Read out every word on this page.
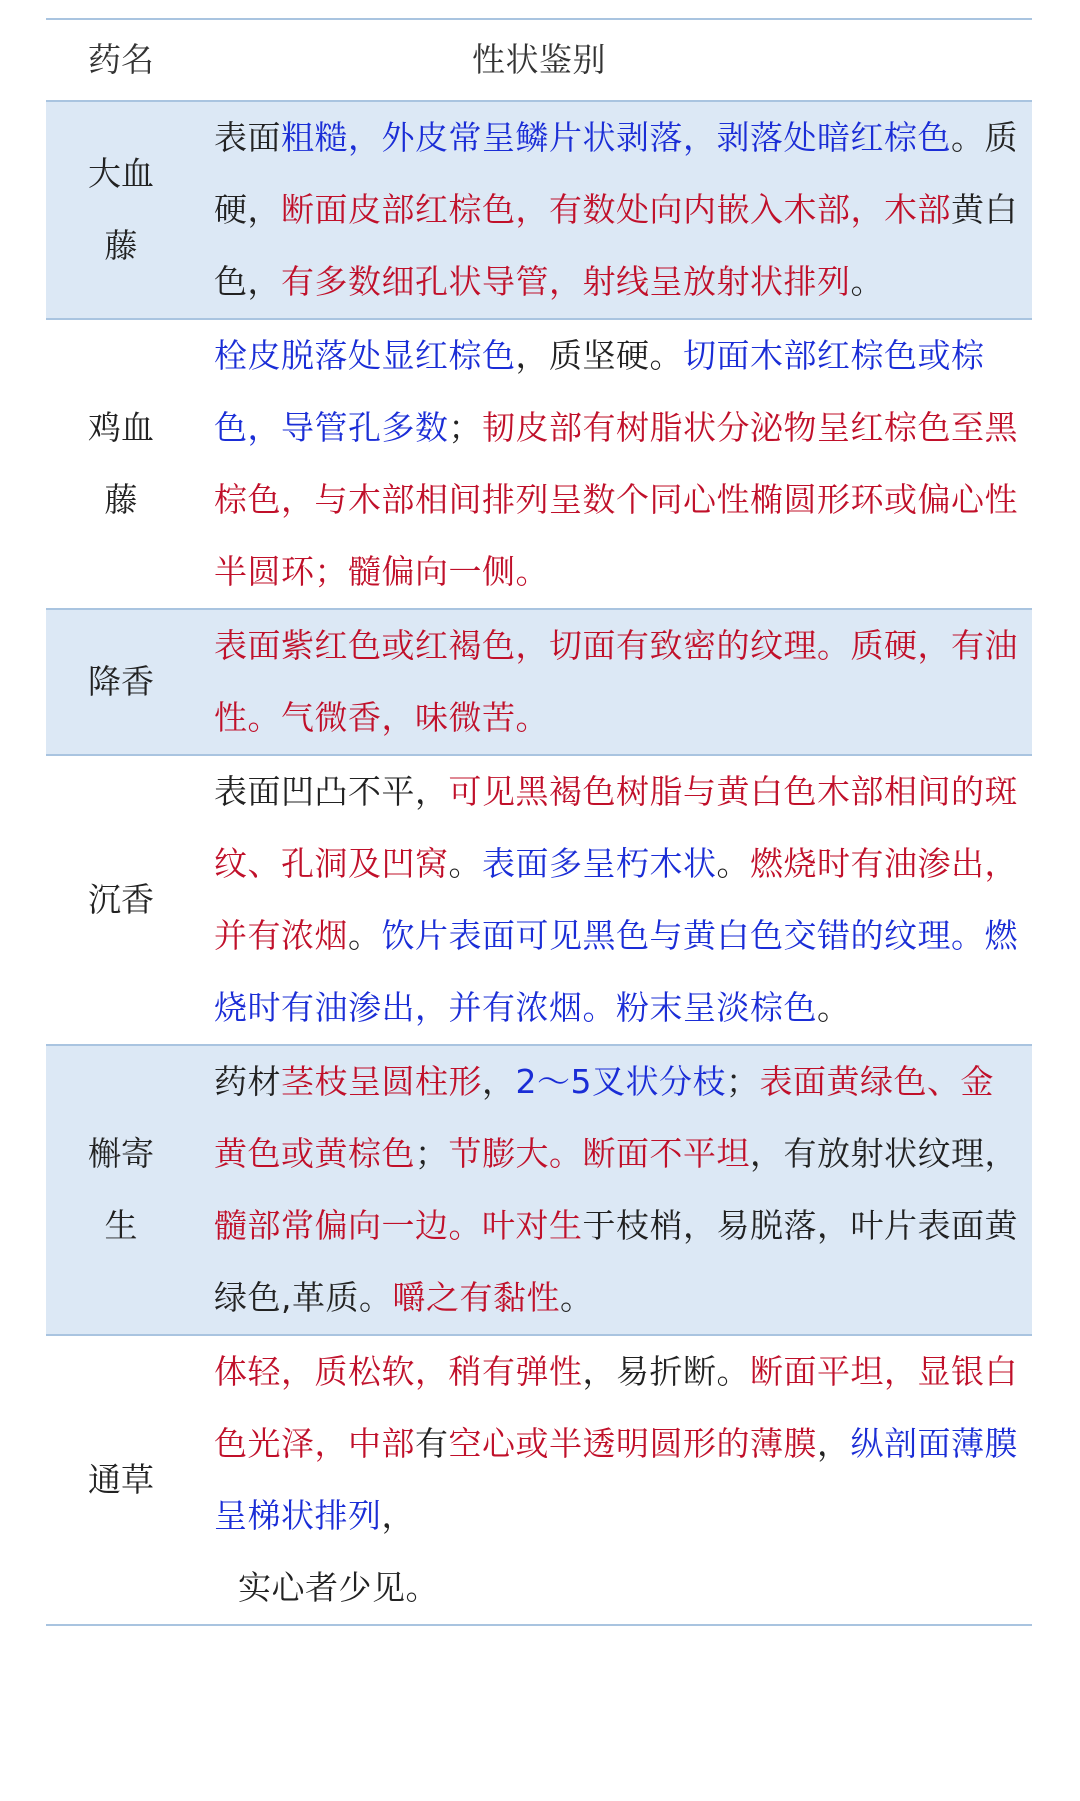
药名	性状鉴别
大血
藤
表面粗糙，外皮常呈鳞片状剥落，剥落处暗红棕色。质硬，断面皮部红棕色，有数处向内嵌入木部，木部黄白色，有多数细孔状导管，射线呈放射状排列。
鸡血
藤
栓皮脱落处显红棕色，质坚硬。切面木部红棕色或棕色，导管孔多数；韧皮部有树脂状分泌物呈红棕色至黑棕色，与木部相间排列呈数个同心性椭圆形环或偏心性半圆环；髓偏向一侧。
降香
表面紫红色或红褐色，切面有致密的纹理。质硬，有油性。气微香，味微苦。
沉香
表面凹凸不平，可见黑褐色树脂与黄白色木部相间的斑纹、孔洞及凹窝。表面多呈朽木状。燃烧时有油渗出，并有浓烟。饮片表面可见黑色与黄白色交错的纹理。燃烧时有油渗出，并有浓烟。粉末呈淡棕色。
槲寄
生
药材茎枝呈圆柱形，2～5叉状分枝；表面黄绿色、金黄色或黄棕色；节膨大。断面不平坦，有放射状纹理，髓部常偏向一边。叶对生于枝梢，易脱落，叶片表面黄绿色,革质。嚼之有黏性。
通草
体轻，质松软，稍有弹性，易折断。断面平坦，显银白色光泽，中部有空心或半透明圆形的薄膜，纵剖面薄膜呈梯状排列，
实心者少见。
